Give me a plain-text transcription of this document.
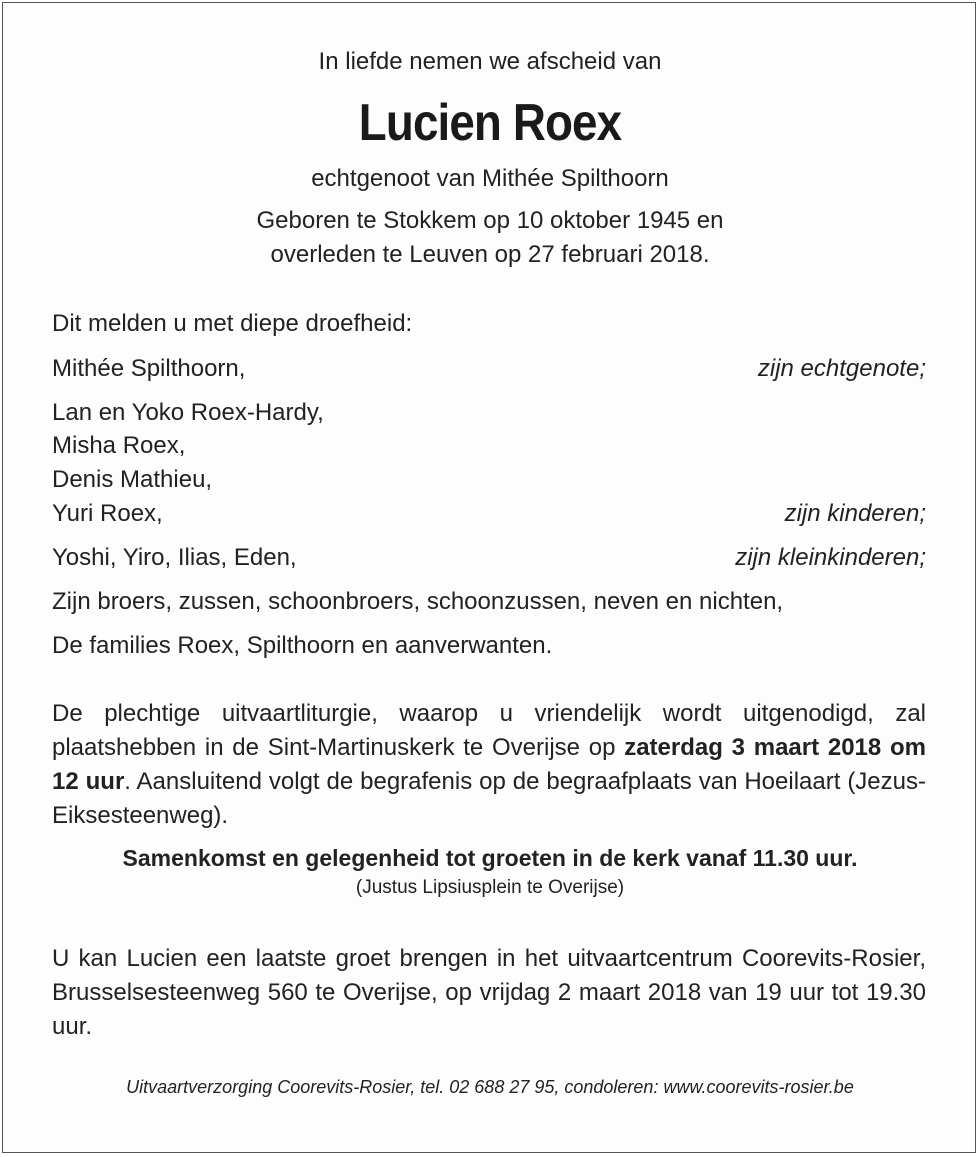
In liefde nemen we afscheid van

Lucien Roex

echtgenoot van Mithée Spilthoorn

Geboren te Stokkem op 10 oktober 1945 en
overleden te Leuven op 27 februari 2018.
Dit melden u met diepe droefheid:
Mithée Spilthoorn,	zijn echtgenote;
Lan en Yoko Roex-Hardy,
Misha Roex,
Denis Mathieu,
Yuri Roex,	zijn kinderen;
Yoshi, Yiro, Ilias, Eden,	zijn kleinkinderen;
Zijn broers, zussen, schoonbroers, schoonzussen, neven en nichten,
De families Roex, Spilthoorn en aanverwanten.

De plechtige uitvaartliturgie, waarop u vriendelijk wordt uitgenodigd, zal plaatshebben in de Sint-Martinuskerk te Overijse op zaterdag 3 maart 2018 om 12 uur. Aansluitend volgt de begrafenis op de begraafplaats van Hoeilaart (Jezus-Eiksesteenweg).

Samenkomst en gelegenheid tot groeten in de kerk vanaf 11.30 uur.

(Justus Lipsiusplein te Overijse)

U kan Lucien een laatste groet brengen in het uitvaartcentrum Coorevits-Rosier, Brusselsesteenweg 560 te Overijse, op vrijdag 2 maart 2018 van 19 uur tot 19.30 uur.

Uitvaartverzorging Coorevits-Rosier, tel. 02 688 27 95, condoleren: www.coorevits-rosier.be
